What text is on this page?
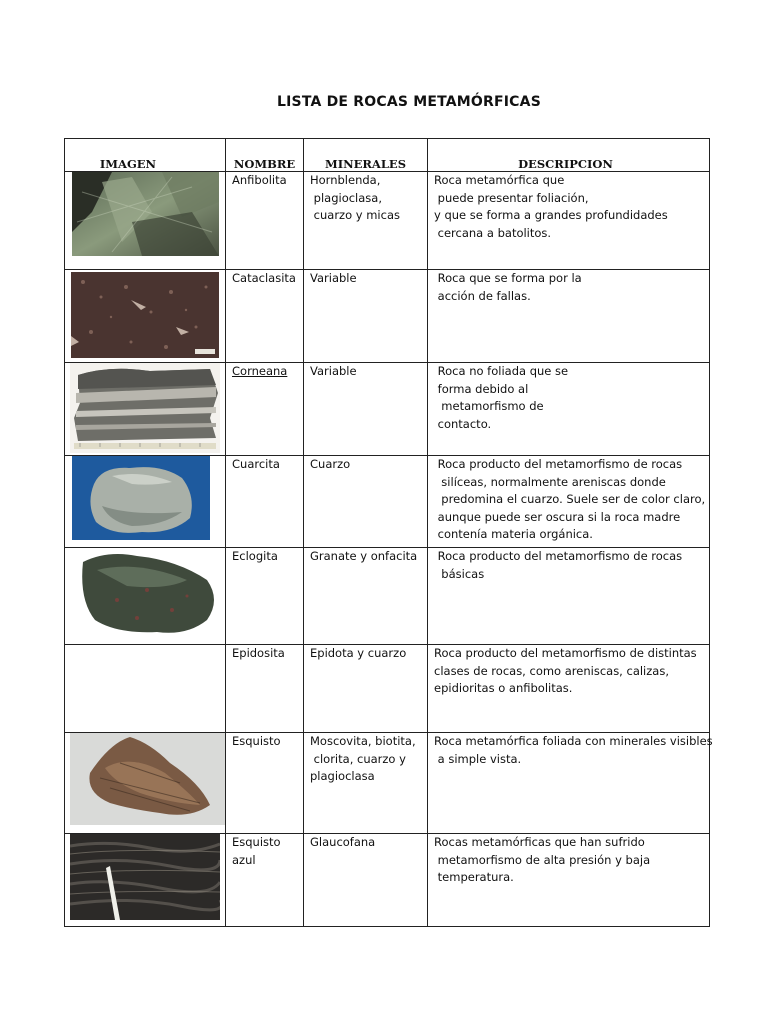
LISTA DE ROCAS METAMÓRFICAS
IMAGEN	NOMBRE	MINERALES	DESCRIPCION

Anfibolita	Hornblenda,
plagioclasa,
cuarzo y micas	Roca metamórfica que
puede presentar foliación,
y que se forma a grandes profundidades
cercana a batolitos.

Cataclasita	Variable	Roca que se forma por la
acción de fallas.

Corneana	Variable	Roca no foliada que se
forma debido al
metamorfismo de
contacto.

Cuarcita	Cuarzo	Roca producto del metamorfismo de rocas
silíceas, normalmente areniscas donde
predomina el cuarzo. Suele ser de color claro,
aunque puede ser oscura si la roca madre
contenía materia orgánica.

Eclogita	Granate y onfacita	Roca producto del metamorfismo de rocas
básicas

	Epidosita	Epidota y cuarzo	Roca producto del metamorfismo de distintas
clases de rocas, como areniscas, calizas,
epidioritas o anfibolitas.

Esquisto	Moscovita, biotita,
clorita, cuarzo y
plagioclasa	Roca metamórfica foliada con minerales visibles
a simple vista.

Esquisto
azul	Glaucofana	Rocas metamórficas que han sufrido
metamorfismo de alta presión y baja
temperatura.
